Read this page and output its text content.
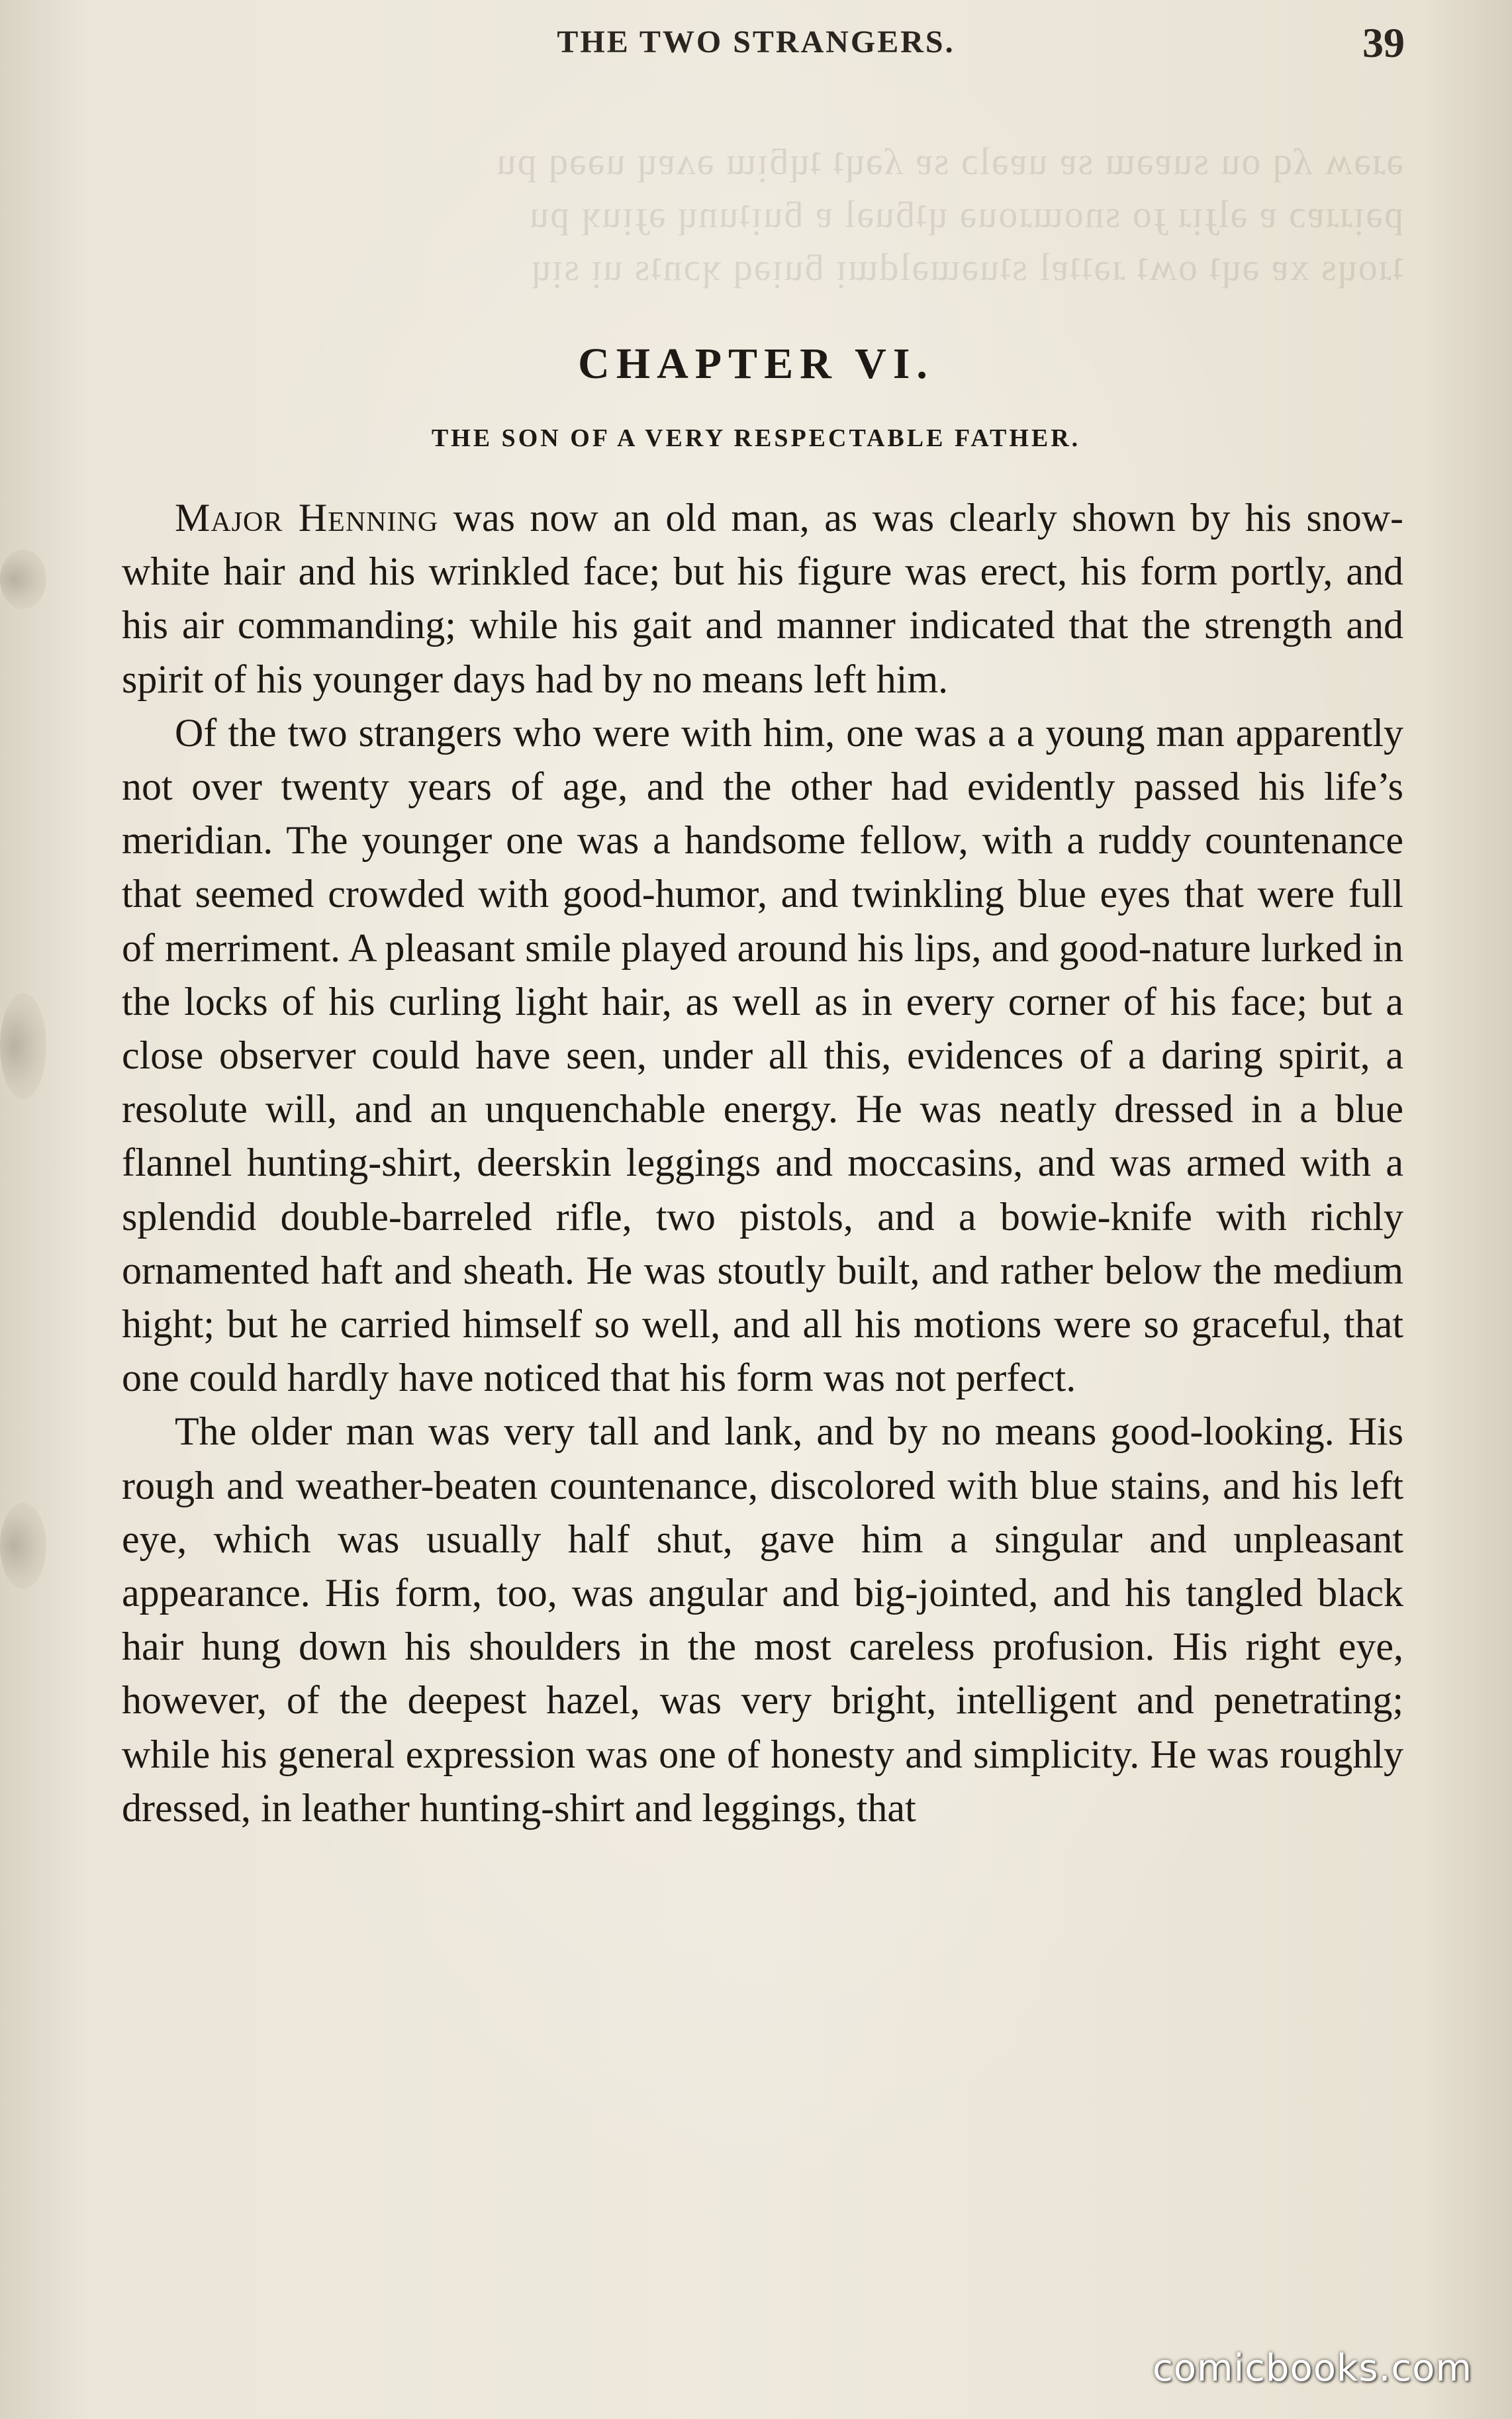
ǝɹǝʍ ʎq ou suɐǝɯ sɐ uɐǝlɔ sɐ ʎǝɥʇ ʇɥƃᴉɯ ǝʌɐɥ uǝǝq pu
pǝᴉɹɹɐɔ ɐ ǝlɟᴉɹ ɟo snoɯɹouǝ ɥʇƃuǝl ɐ ƃuᴉʇunɥ ǝɟᴉuʞ pu
ʇɹoɥs xɐ ǝɥʇ oʍʇ ɹǝʇʇɐl sʇuǝɯǝldɯᴉ ƃuᴉǝq ʞɔnʇs uᴉ sᴉɥ
THE TWO STRANGERS.	39
CHAPTER VI.
THE SON OF A VERY RESPECTABLE FATHER.

Major Henning was now an old man, as was clearly shown by his snow-white hair and his wrinkled face; but his figure was erect, his form portly, and his air commanding; while his gait and manner indicated that the strength and spirit of his younger days had by no means left him.

Of the two strangers who were with him, one was a a young man apparently not over twenty years of age, and the other had evidently passed his life’s meridian. The younger one was a handsome fellow, with a ruddy countenance that seemed crowded with good-humor, and twinkling blue eyes that were full of merriment. A pleasant smile played around his lips, and good-nature lurked in the locks of his curling light hair, as well as in every corner of his face; but a close observer could have seen, under all this, evidences of a daring spirit, a resolute will, and an unquenchable energy. He was neatly dressed in a blue flannel hunting-shirt, deerskin leggings and moccasins, and was armed with a splendid double-barreled rifle, two pistols, and a bowie-knife with richly ornamented haft and sheath. He was stoutly built, and rather below the medium hight; but he carried himself so well, and all his motions were so graceful, that one could hardly have noticed that his form was not perfect.

The older man was very tall and lank, and by no means good-looking. His rough and weather-beaten countenance, discolored with blue stains, and his left eye, which was usually half shut, gave him a singular and unpleasant appearance. His form, too, was angular and big-jointed, and his tangled black hair hung down his shoulders in the most careless profusion. His right eye, however, of the deepest hazel, was very bright, intelligent and penetrating; while his general expression was one of honesty and simplicity. He was roughly dressed, in leather hunting-shirt and leggings, that

comicbooks.com
